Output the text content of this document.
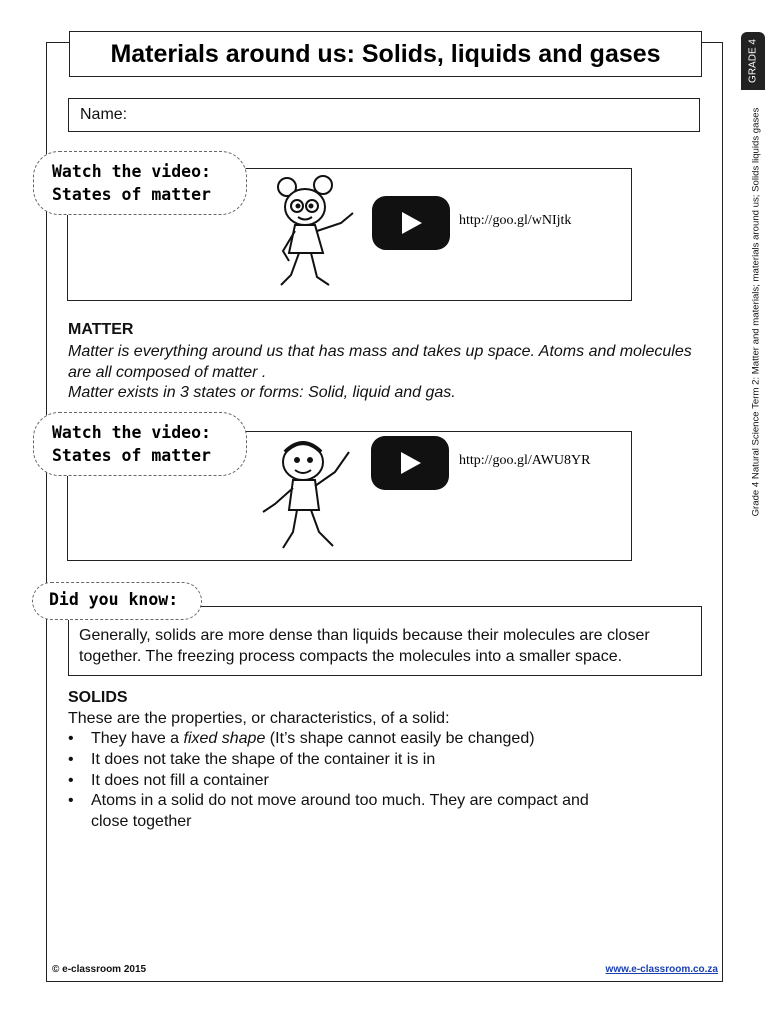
Materials around us: Solids, liquids and gases	GRADE 4
Grade 4 Natural Science Term 2: Matter and materials; materials around us; Solids liquids gases
Name:
Watch the video:
States of matter
http://goo.gl/wNIjtk
MATTER
Matter is everything around us that has mass and takes up space. Atoms and molecules
are all composed of matter .
Matter exists in 3 states or forms: Solid, liquid and gas.
Watch the video:
States of matter	http://goo.gl/AWU8YR
Generally, solids are more dense than liquids because their molecules are closer
together. The freezing process compacts the molecules into a smaller space.
Did you know:
SOLIDS
These are the properties, or characteristics, of a solid:
• They have a fixed shape (It’s shape cannot easily be changed)
• It does not take the shape of the container it is in
• It does not fill a container
• Atoms in a solid do not move around too much. They are compact and
close together
© e-classroom 2015	www.e-classroom.co.za
